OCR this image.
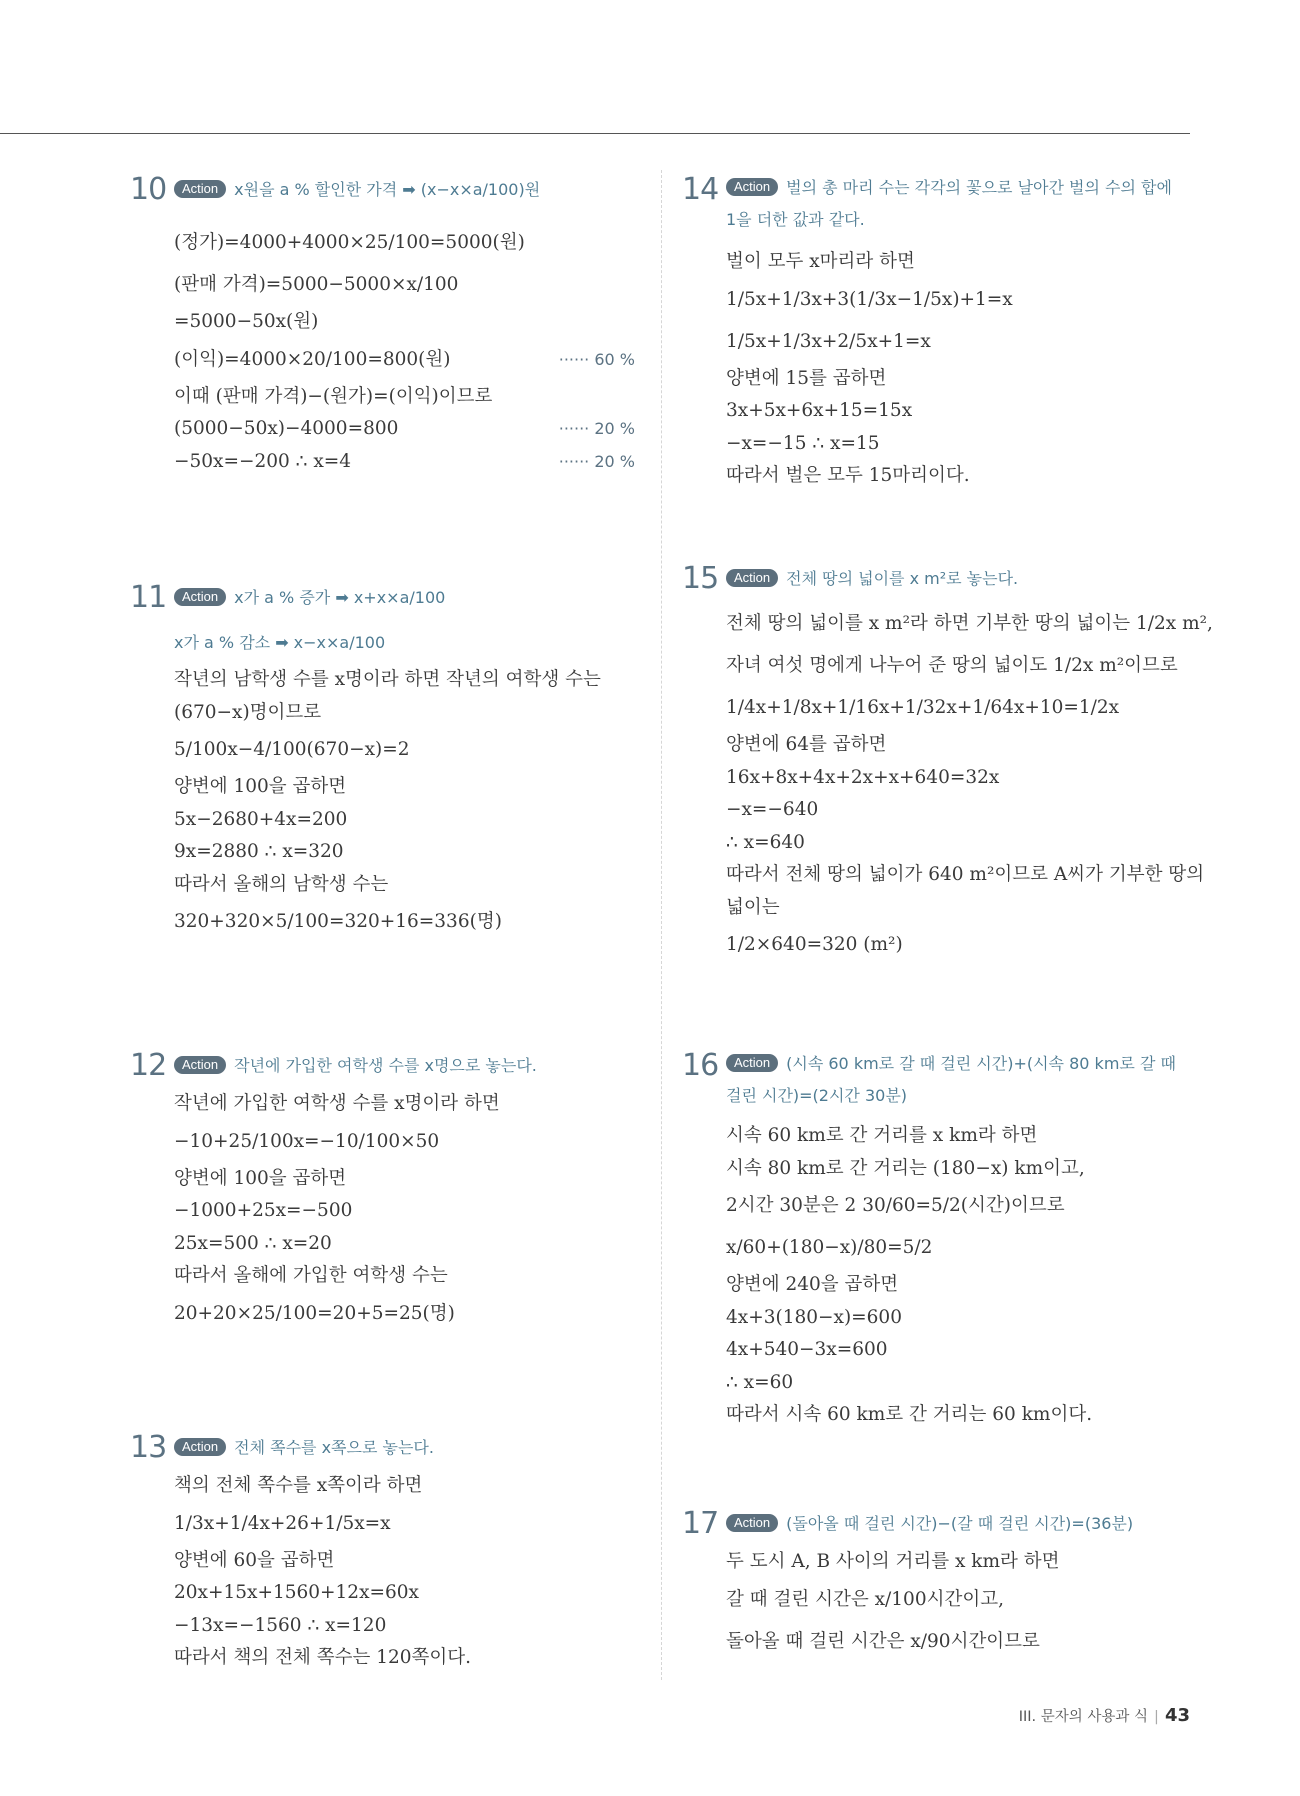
10	Action x원을 a % 할인한 가격 ➡ (x−x×a/100)원
(정가)=4000+4000×25/100=5000(원)
(판매 가격)=5000−5000×x/100
=5000−50x(원)
(이익)=4000×20/100=800(원)	······ 60 %
이때 (판매 가격)−(원가)=(이익)이므로
(5000−50x)−4000=800	······ 20 %
−50x=−200 ∴ x=4	······ 20 %
11	Action x가 a % 증가 ➡ x+x×a/100
x가 a % 감소 ➡ x−x×a/100
작년의 남학생 수를 x명이라 하면 작년의 여학생 수는
(670−x)명이므로
5/100x−4/100(670−x)=2
양변에 100을 곱하면
5x−2680+4x=200
9x=2880 ∴ x=320
따라서 올해의 남학생 수는
320+320×5/100=320+16=336(명)
12	Action 작년에 가입한 여학생 수를 x명으로 놓는다.
작년에 가입한 여학생 수를 x명이라 하면
−10+25/100x=−10/100×50
양변에 100을 곱하면
−1000+25x=−500
25x=500 ∴ x=20
따라서 올해에 가입한 여학생 수는
20+20×25/100=20+5=25(명)
13	Action 전체 쪽수를 x쪽으로 놓는다.
책의 전체 쪽수를 x쪽이라 하면
1/3x+1/4x+26+1/5x=x
양변에 60을 곱하면
20x+15x+1560+12x=60x
−13x=−1560 ∴ x=120
따라서 책의 전체 쪽수는 120쪽이다.
14	Action 벌의 총 마리 수는 각각의 꽃으로 날아간 벌의 수의 합에 1을 더한 값과 같다.
벌이 모두 x마리라 하면
1/5x+1/3x+3(1/3x−1/5x)+1=x
1/5x+1/3x+2/5x+1=x
양변에 15를 곱하면
3x+5x+6x+15=15x
−x=−15 ∴ x=15
따라서 벌은 모두 15마리이다.
15	Action 전체 땅의 넓이를 x m²로 놓는다.
전체 땅의 넓이를 x m²라 하면 기부한 땅의 넓이는 1/2x m²,
자녀 여섯 명에게 나누어 준 땅의 넓이도 1/2x m²이므로
1/4x+1/8x+1/16x+1/32x+1/64x+10=1/2x
양변에 64를 곱하면
16x+8x+4x+2x+x+640=32x
−x=−640
∴ x=640
따라서 전체 땅의 넓이가 640 m²이므로 A씨가 기부한 땅의
넓이는
1/2×640=320 (m²)
16	Action (시속 60 km로 갈 때 걸린 시간)+(시속 80 km로 갈 때 걸린 시간)=(2시간 30분)
시속 60 km로 간 거리를 x km라 하면
시속 80 km로 간 거리는 (180−x) km이고,
2시간 30분은 2 30/60=5/2(시간)이므로
x/60+(180−x)/80=5/2
양변에 240을 곱하면
4x+3(180−x)=600
4x+540−3x=600
∴ x=60
따라서 시속 60 km로 간 거리는 60 km이다.
17	Action (돌아올 때 걸린 시간)−(갈 때 걸린 시간)=(36분)
두 도시 A, B 사이의 거리를 x km라 하면
갈 때 걸린 시간은 x/100시간이고,
돌아올 때 걸린 시간은 x/90시간이므로
III. 문자의 사용과 식 | 43
